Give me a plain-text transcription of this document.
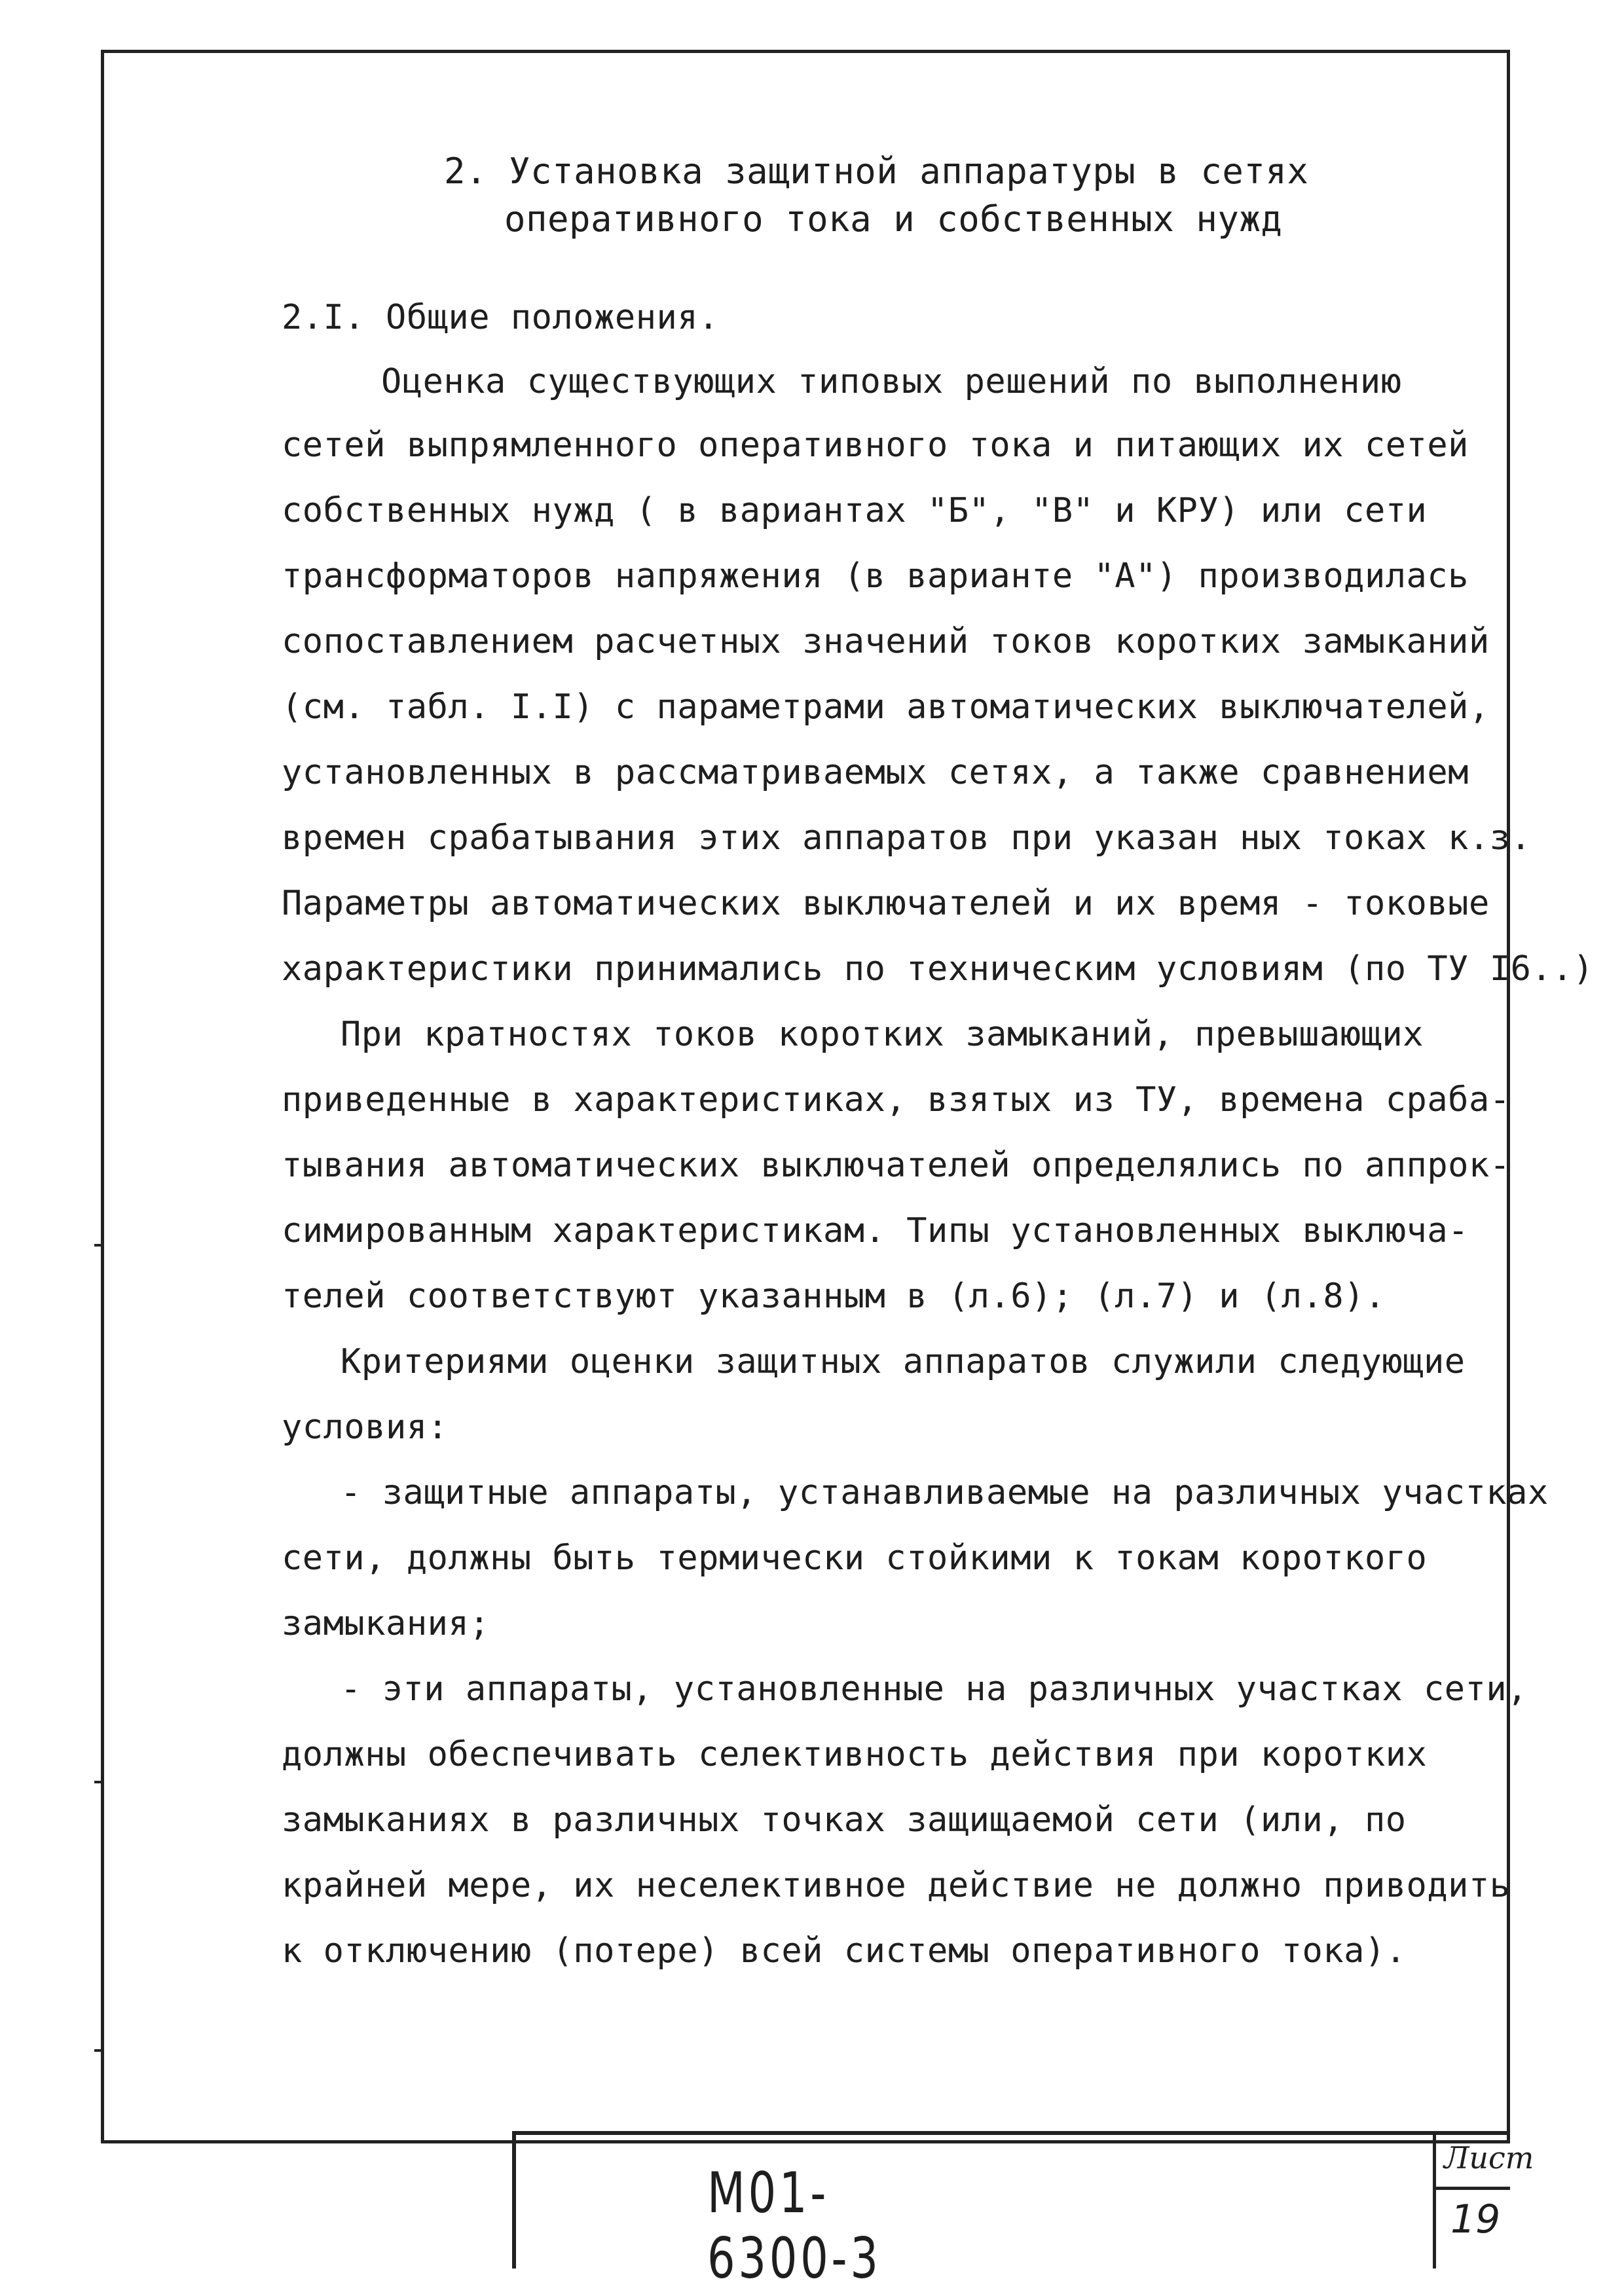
2. Установка защитной аппаратуры в сетях
оперативного тока и собственных нужд
2.I. Общие положения.
Оценка существующих типовых решений по выполнению
сетей выпрямленного оперативного тока и питающих их сетей
собственных нужд ( в вариантах "Б", "В" и КРУ) или сети
трансформаторов напряжения (в варианте "А") производилась
сопоставлением расчетных значений токов коротких замыканий
(см. табл. I.I) с параметрами автоматических выключателей,
установленных в рассматриваемых сетях, а также сравнением
времен срабатывания этих аппаратов при указан ных токах к.з.
Параметры автоматических выключателей и их время - токовые
характеристики принимались по техническим условиям (по ТУ I6..)
При кратностях токов коротких замыканий, превышающих
приведенные в характеристиках, взятых из ТУ, времена сраба-
тывания автоматических выключателей определялись по аппрок-
симированным характеристикам. Типы установленных выключа-
телей соответствуют указанным в (л.6); (л.7) и (л.8).
Критериями оценки защитных аппаратов служили следующие
условия:
- защитные аппараты, устанавливаемые на различных участках
сети, должны быть термически стойкими к токам короткого
замыкания;
- эти аппараты, установленные на различных участках сети,
должны обеспечивать селективность действия при коротких
замыканиях в различных точках защищаемой сети (или, по
крайней мере, их неселективное действие не должно приводить
к отключению (потере) всей системы оперативного тока).
М01-6300-3
Лист
19
